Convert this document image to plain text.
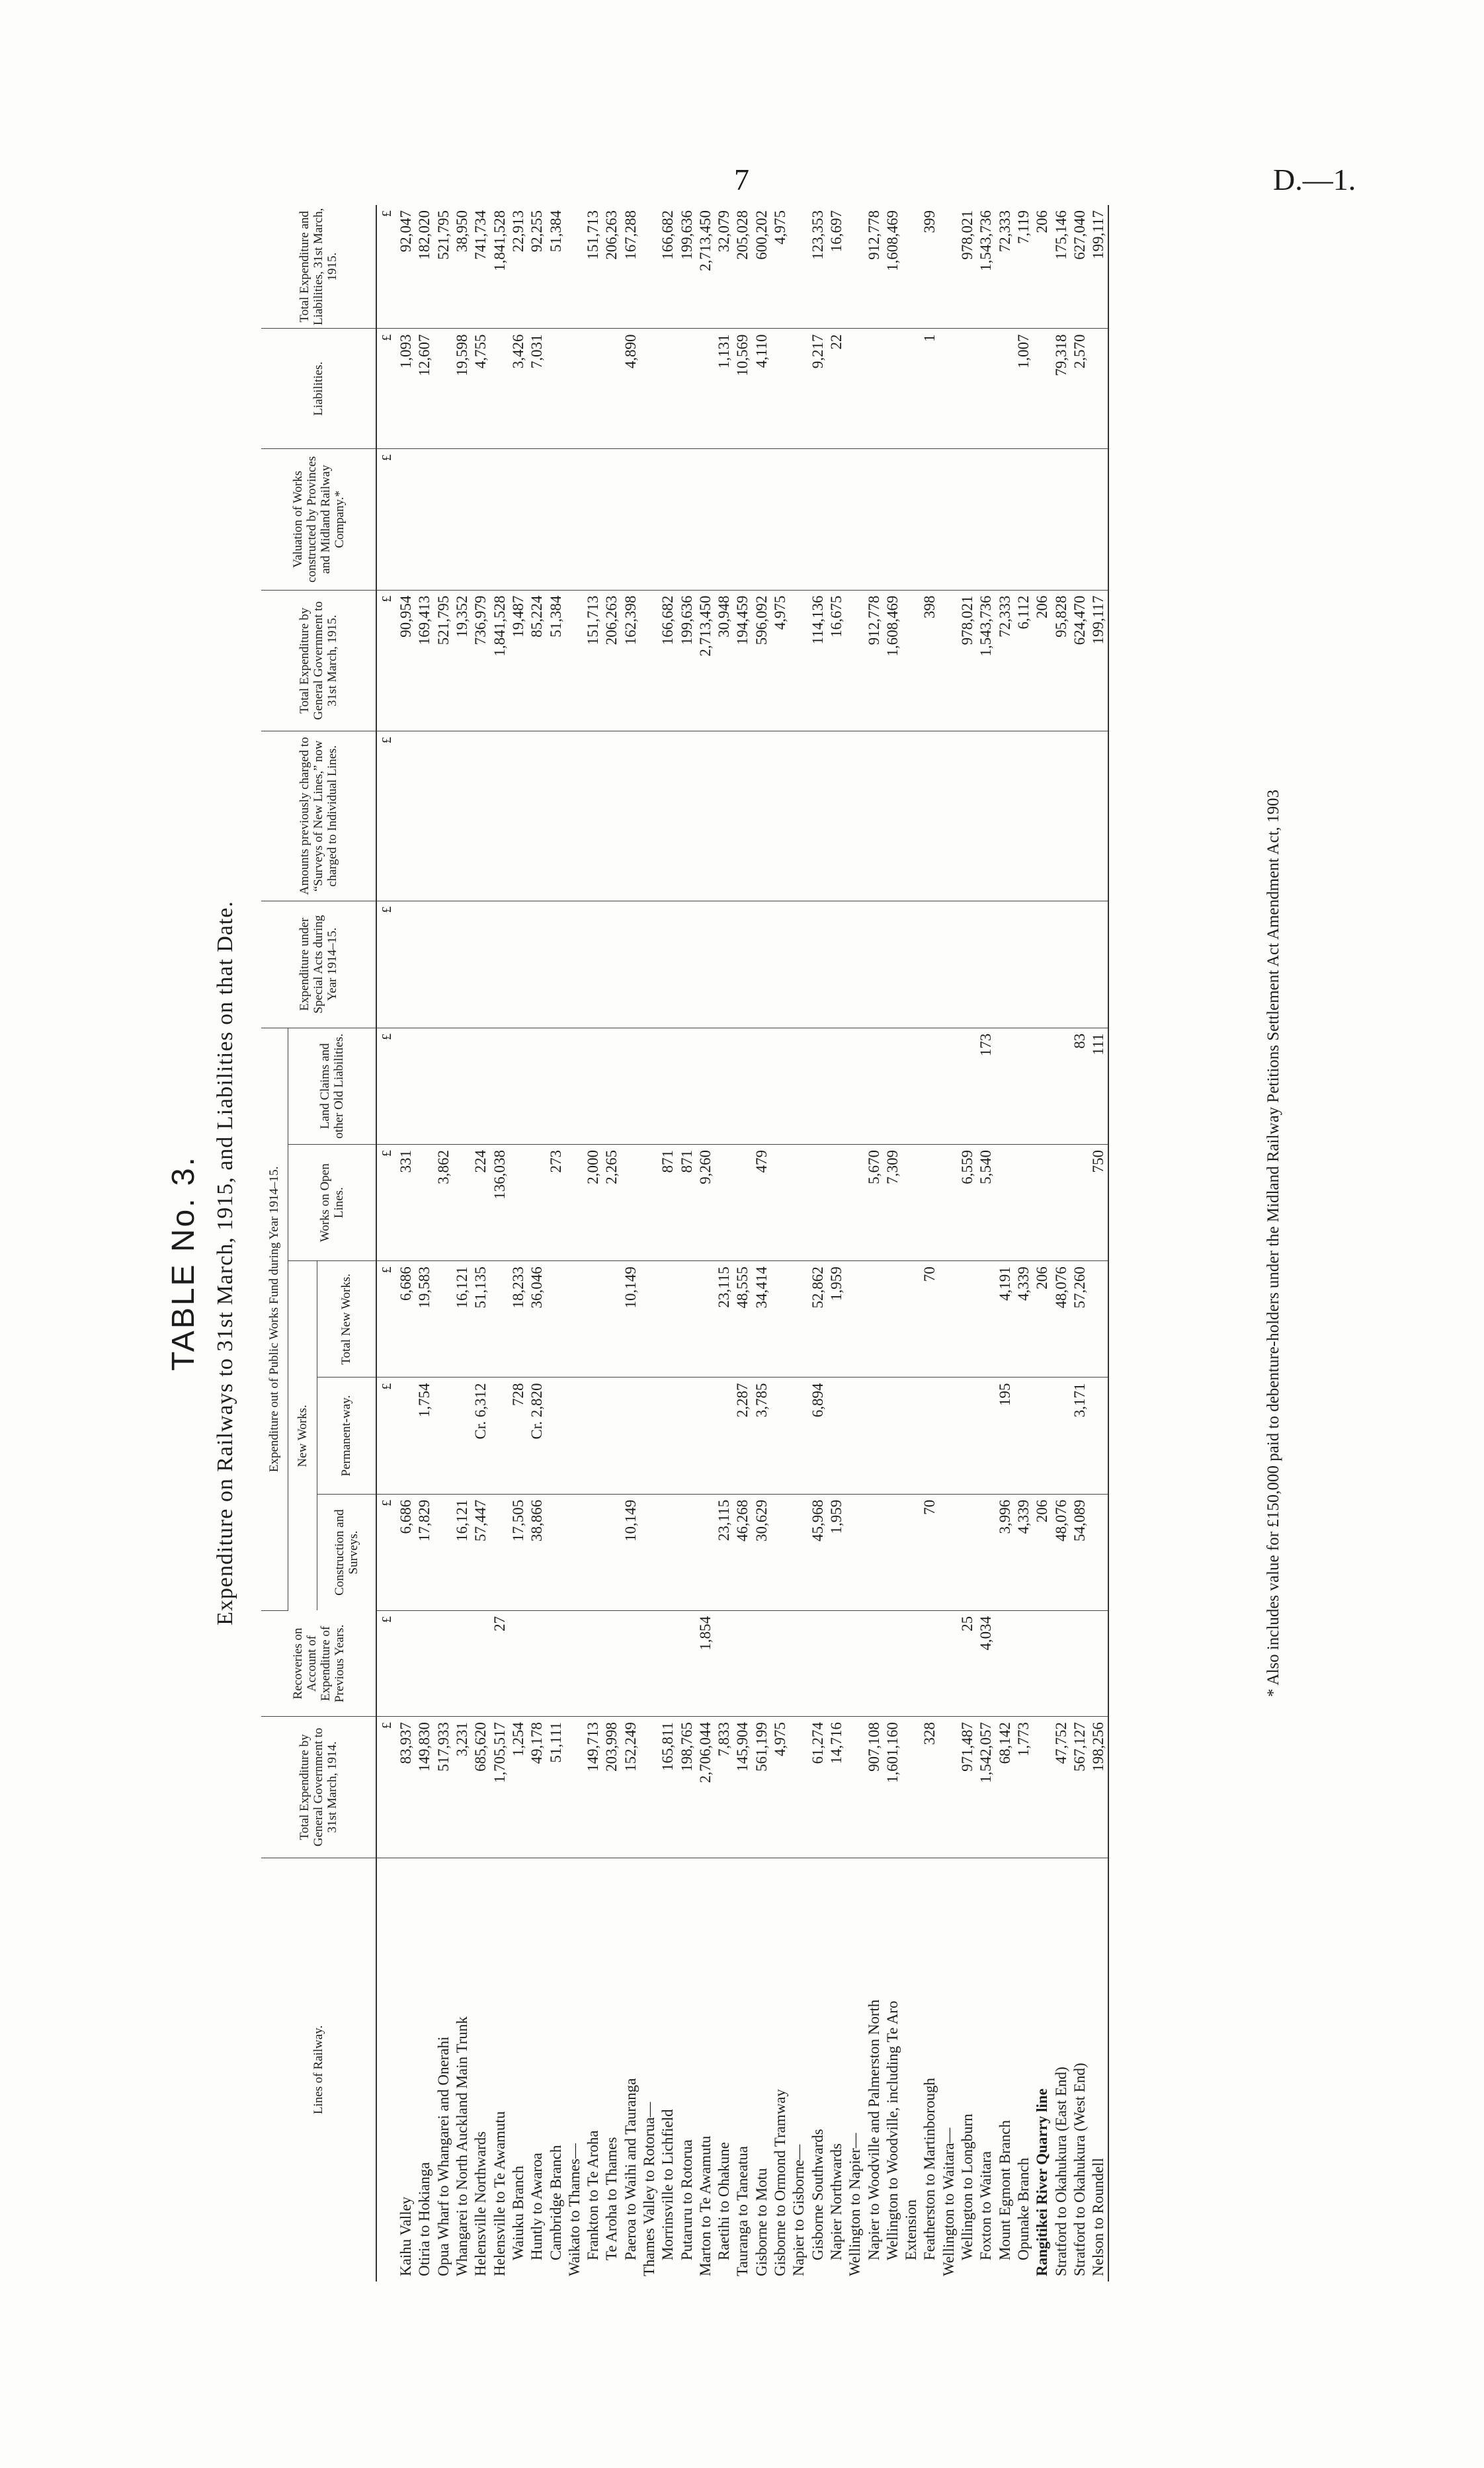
7	D.—1.
TABLE No. 3. Expenditure on Railways to 31st March, 1915, and Liabilities on that Date.
Lines of Railway.	Total Expenditure by General Government to 31st March, 1914.	Recoveries on Account of Expenditure of Previous Years.	Expenditure out of Public Works Fund during Year 1914–15.					Expenditure under Special Acts during Year 1914–15.	Amounts previously charged to “Surveys of New Lines,” now charged to Individual Lines.	Total Expenditure by General Government to 31st March, 1915.	Valuation of Works constructed by Provinces and Midland Railway Company.*	Liabilities.	Total Expenditure and Liabilities, 31st March, 1915.
			New Works.			Works on Open Lines.	Land Claims and other Old Liabilities.						
			Construction and Surveys.	Permanent-way.	Total New Works.								
	£	£	£	£	£	£	£	£	£	£	£	£	£
Kaihu Valley	83,937		6,686		6,686	331				90,954		1,093	92,047
Otiria to Hokianga	149,830		17,829	1,754	19,583					169,413		12,607	182,020
Opua Wharf to Whangarei and Onerahi	517,933					3,862				521,795			521,795
Whangarei to North Auckland Main Trunk	3,231		16,121		16,121					19,352		19,598	38,950
Helensville Northwards	685,620		57,447	Cr. 6,312	51,135	224				736,979		4,755	741,734
Helensville to Te Awamutu	1,705,517	27				136,038				1,841,528			1,841,528
Waiuku Branch	1,254		17,505	728	18,233					19,487		3,426	22,913
Huntly to Awaroa	49,178		38,866	Cr. 2,820	36,046					85,224		7,031	92,255
Cambridge Branch	51,111					273				51,384			51,384
Waikato to Thames—													
Frankton to Te Aroha	149,713					2,000				151,713			151,713
Te Aroha to Thames	203,998					2,265				206,263			206,263
Paeroa to Waihi and Tauranga	152,249		10,149		10,149					162,398		4,890	167,288
Thames Valley to Rotorua—													
Morrinsville to Lichfield	165,811					871				166,682			166,682
Putaruru to Rotorua	198,765					871				199,636			199,636
Marton to Te Awamutu	2,706,044	1,854				9,260				2,713,450			2,713,450
Raetihi to Ohakune	7,833		23,115		23,115					30,948		1,131	32,079
Tauranga to Taneatua	145,904		46,268	2,287	48,555					194,459		10,569	205,028
Gisborne to Motu	561,199		30,629	3,785	34,414	479				596,092		4,110	600,202
Gisborne to Ormond Tramway	4,975									4,975			4,975
Napier to Gisborne—													
Gisborne Southwards	61,274		45,968	6,894	52,862					114,136		9,217	123,353
Napier Northwards	14,716		1,959		1,959					16,675		22	16,697
Wellington to Napier—													
Napier to Woodville and Palmerston North	907,108					5,670				912,778			912,778
Wellington to Woodville, including Te Aro	1,601,160					7,309				1,608,469			1,608,469
Extension													
Featherston to Martinborough	328		70		70					398		1	399
Wellington to Waitara—													
Wellington to Longburn	971,487	25				6,559				978,021			978,021
Foxton to Waitara	1,542,057	4,034				5,540	173			1,543,736			1,543,736
Mount Egmont Branch	68,142		3,996	195	4,191					72,333			72,333
Opunake Branch	1,773		4,339		4,339					6,112		1,007	7,119
Rangitikei River Quarry line			206		206					206			206
Stratford to Okahukura (East End)	47,752		48,076		48,076					95,828		79,318	175,146
Stratford to Okahukura (West End)	567,127		54,089	3,171	57,260		83			624,470		2,570	627,040
Nelson to Roundell	198,256					750	111			199,117			199,117
* Also includes value for £150,000 paid to debenture-holders under the Midland Railway Petitions Settlement Act Amendment Act, 1903
